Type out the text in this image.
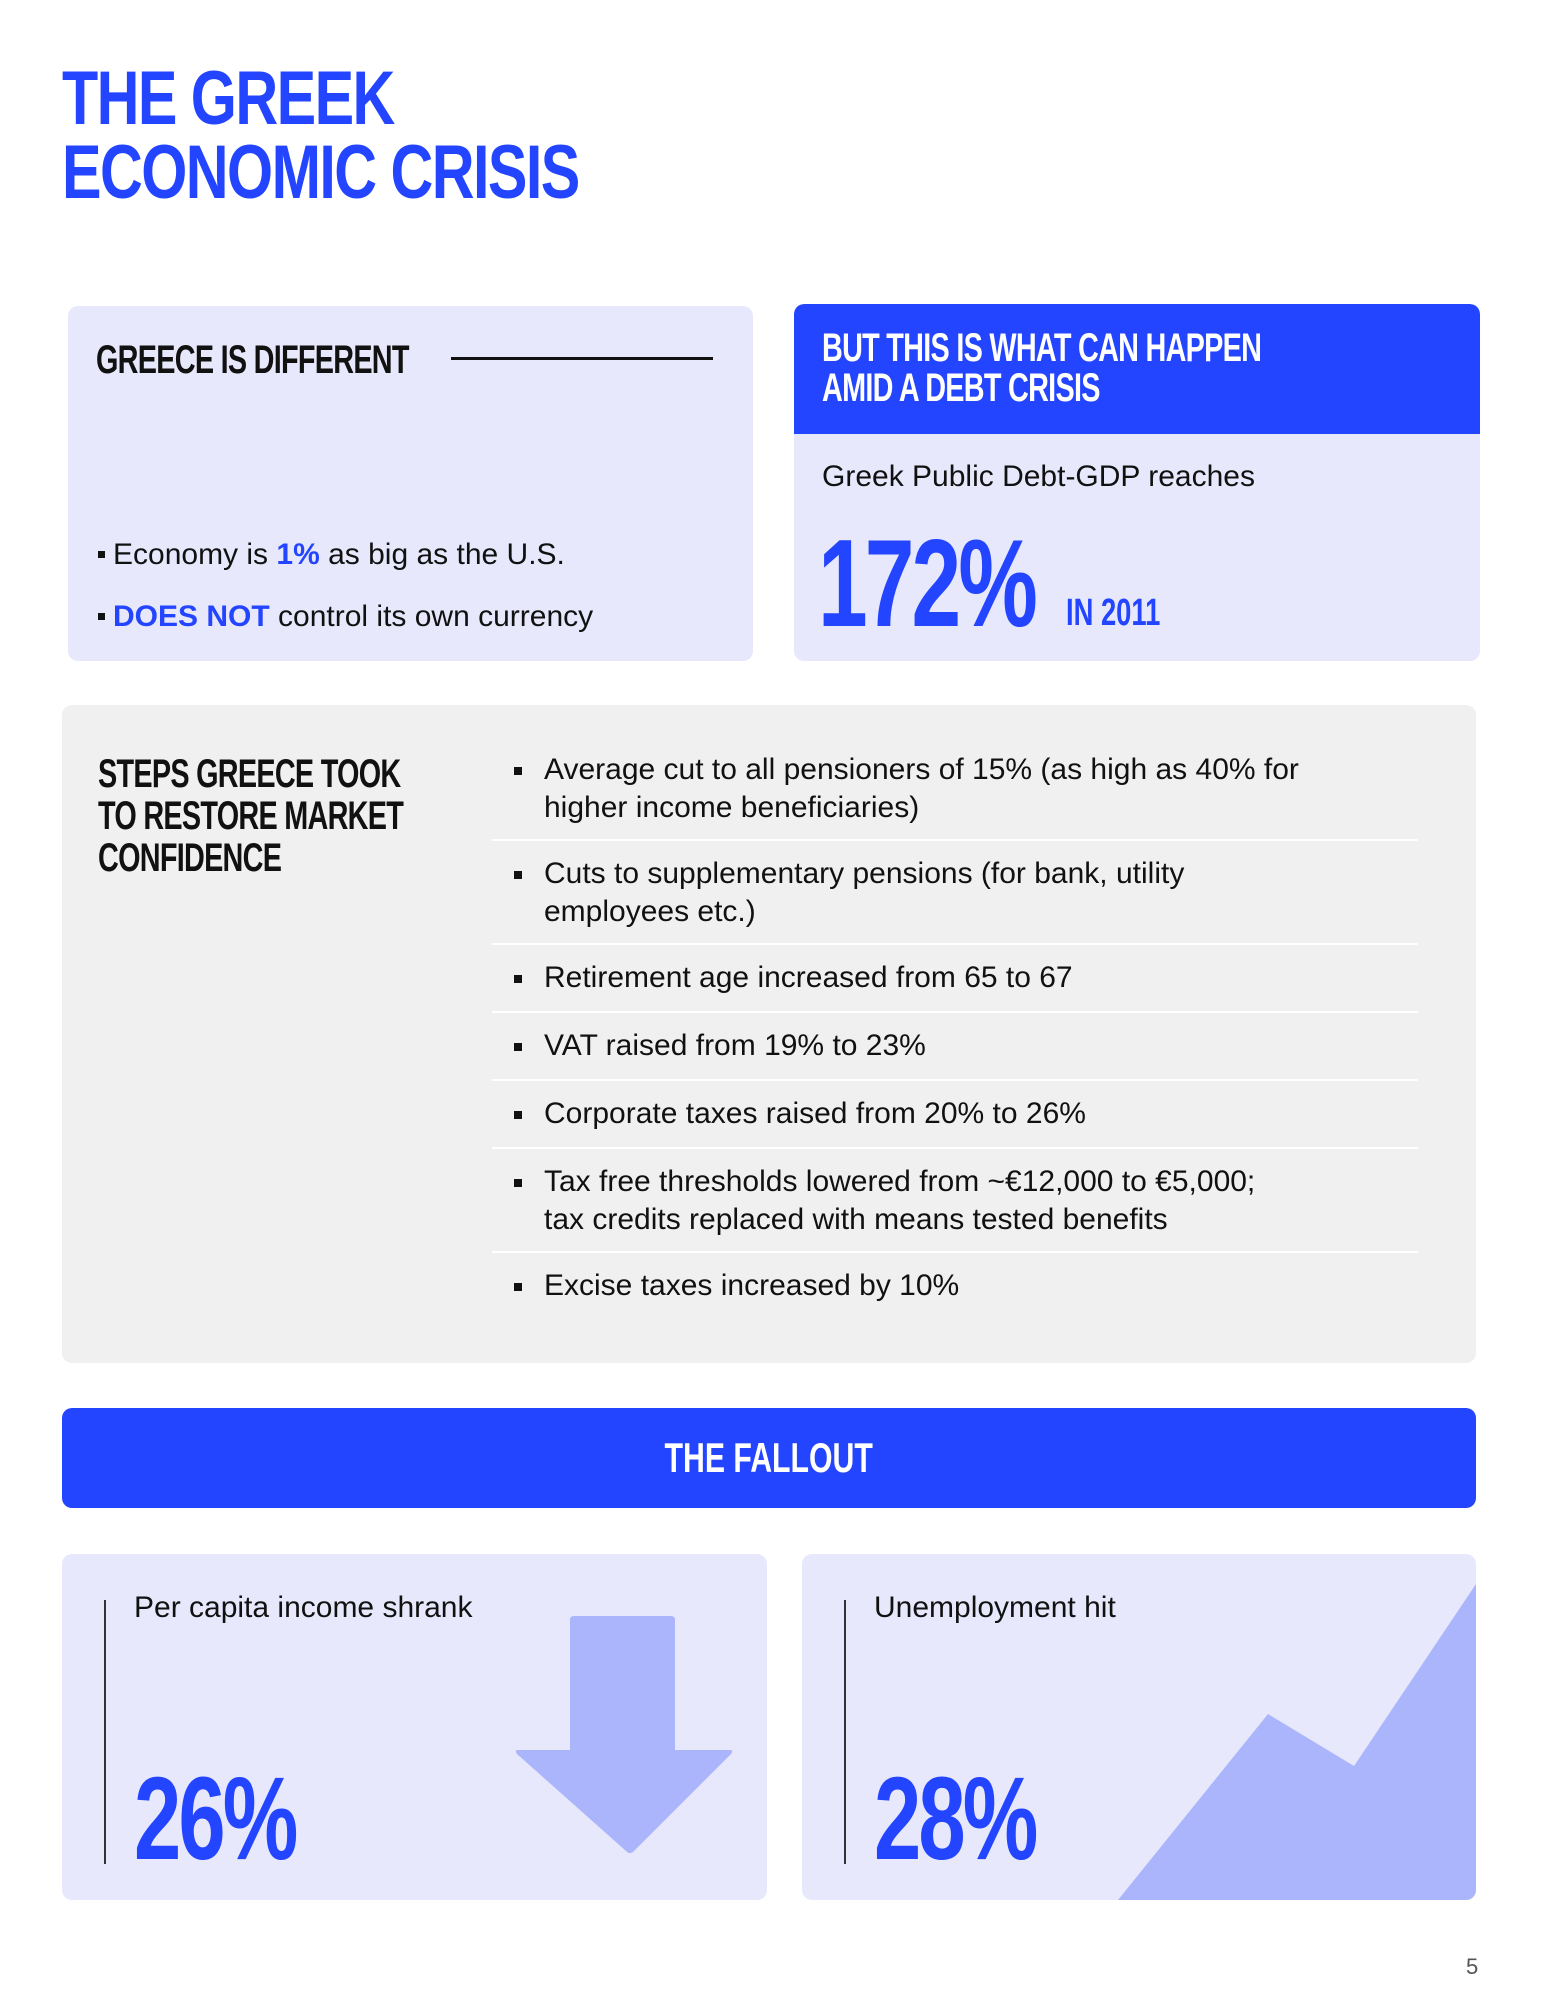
THE GREEK
ECONOMIC CRISIS
GREECE IS DIFFERENT
Economy is 1% as big as the U.S.
DOES NOT control its own currency
BUT THIS IS WHAT CAN HAPPEN
AMID A DEBT CRISIS
Greek Public Debt-GDP reaches
172% IN 2011
STEPS GREECE TOOK
TO RESTORE MARKET
CONFIDENCE
Average cut to all pensioners of 15% (as high as 40% for
higher income beneficiaries)
Cuts to supplementary pensions (for bank, utility
employees etc.)
Retirement age increased from 65 to 67
VAT raised from 19% to 23%
Corporate taxes raised from 20% to 26%
Tax free thresholds lowered from ~€12,000 to €5,000;
tax credits replaced with means tested benefits
Excise taxes increased by 10%
THE FALLOUT
Per capita income shrank
26%
Unemployment hit
28%
5
